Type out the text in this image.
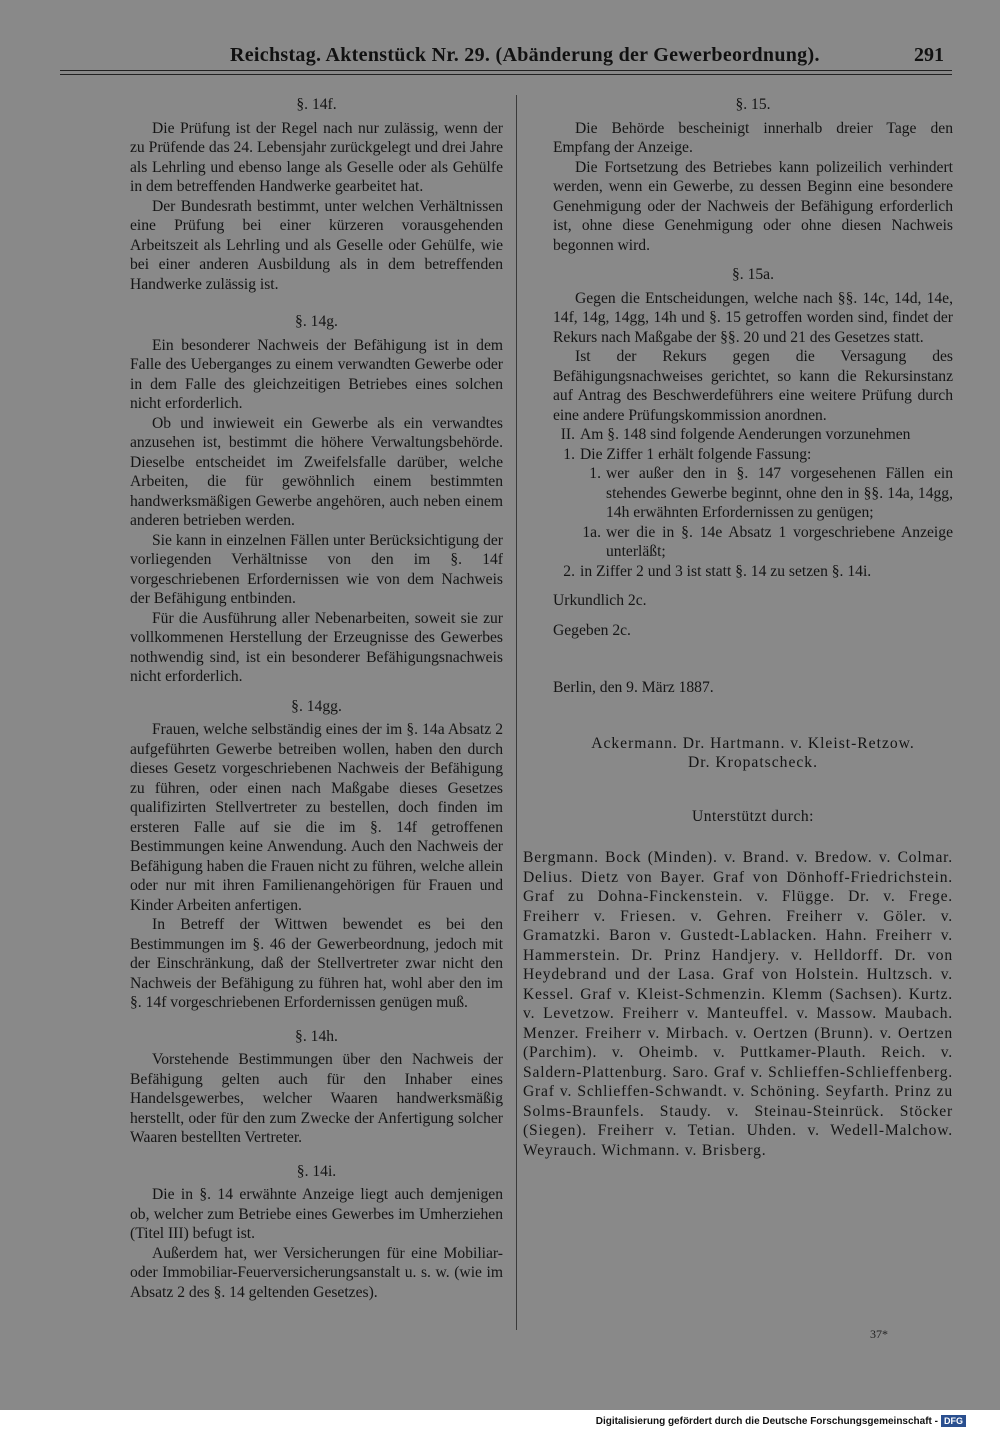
Reichstag. Aktenstück Nr. 29. (Abänderung der Gewerbeordnung).	291
§. 14f.

Die Prüfung ist der Regel nach nur zulässig, wenn der zu Prüfende das 24. Lebensjahr zurückgelegt und drei Jahre als Lehrling und ebenso lange als Geselle oder als Gehülfe in dem betreffenden Handwerke gearbeitet hat.

Der Bundesrath bestimmt, unter welchen Verhältnissen eine Prüfung bei einer kürzeren vorausgehenden Arbeitszeit als Lehrling und als Geselle oder Gehülfe, wie bei einer anderen Ausbildung als in dem betreffenden Handwerke zulässig ist.

§. 14g.

Ein besonderer Nachweis der Befähigung ist in dem Falle des Ueberganges zu einem verwandten Gewerbe oder in dem Falle des gleichzeitigen Betriebes eines solchen nicht erforderlich.

Ob und inwieweit ein Gewerbe als ein verwandtes anzusehen ist, bestimmt die höhere Verwaltungsbehörde. Dieselbe entscheidet im Zweifelsfalle darüber, welche Arbeiten, die für gewöhnlich einem bestimmten handwerksmäßigen Gewerbe angehören, auch neben einem anderen betrieben werden.

Sie kann in einzelnen Fällen unter Berücksichtigung der vorliegenden Verhältnisse von den im §. 14f vorgeschriebenen Erfordernissen wie von dem Nachweis der Befähigung entbinden.

Für die Ausführung aller Nebenarbeiten, soweit sie zur vollkommenen Herstellung der Erzeugnisse des Gewerbes nothwendig sind, ist ein besonderer Befähigungsnachweis nicht erforderlich.

§. 14gg.

Frauen, welche selbständig eines der im §. 14a Absatz 2 aufgeführten Gewerbe betreiben wollen, haben den durch dieses Gesetz vorgeschriebenen Nachweis der Befähigung zu führen, oder einen nach Maßgabe dieses Gesetzes qualifizirten Stellvertreter zu bestellen, doch finden im ersteren Falle auf sie die im §. 14f getroffenen Bestimmungen keine Anwendung. Auch den Nachweis der Befähigung haben die Frauen nicht zu führen, welche allein oder nur mit ihren Familienangehörigen für Frauen und Kinder Arbeiten anfertigen.

In Betreff der Wittwen bewendet es bei den Bestimmungen im §. 46 der Gewerbeordnung, jedoch mit der Einschränkung, daß der Stellvertreter zwar nicht den Nachweis der Befähigung zu führen hat, wohl aber den im §. 14f vorgeschriebenen Erfordernissen genügen muß.

§. 14h.

Vorstehende Bestimmungen über den Nachweis der Befähigung gelten auch für den Inhaber eines Handelsgewerbes, welcher Waaren handwerksmäßig herstellt, oder für den zum Zwecke der Anfertigung solcher Waaren bestellten Vertreter.

§. 14i.

Die in §. 14 erwähnte Anzeige liegt auch demjenigen ob, welcher zum Betriebe eines Gewerbes im Umherziehen (Titel III) befugt ist.

Außerdem hat, wer Versicherungen für eine Mobiliar- oder Immobiliar-Feuerversicherungsanstalt u. s. w. (wie im Absatz 2 des §. 14 geltenden Gesetzes).

§. 15.

Die Behörde bescheinigt innerhalb dreier Tage den Empfang der Anzeige.

Die Fortsetzung des Betriebes kann polizeilich verhindert werden, wenn ein Gewerbe, zu dessen Beginn eine besondere Genehmigung oder der Nachweis der Befähigung erforderlich ist, ohne diese Genehmigung oder ohne diesen Nachweis begonnen wird.

§. 15a.

Gegen die Entscheidungen, welche nach §§. 14c, 14d, 14e, 14f, 14g, 14gg, 14h und §. 15 getroffen worden sind, findet der Rekurs nach Maßgabe der §§. 20 und 21 des Gesetzes statt.

Ist der Rekurs gegen die Versagung des Befähigungsnachweises gerichtet, so kann die Rekursinstanz auf Antrag des Beschwerdeführers eine weitere Prüfung durch eine andere Prüfungskommission anordnen.

II. Am §. 148 sind folgende Aenderungen vorzunehmen
1. Die Ziffer 1 erhält folgende Fassung:
1. wer außer den in §. 147 vorgesehenen Fällen ein stehendes Gewerbe beginnt, ohne den in §§. 14a, 14gg, 14h erwähnten Erfordernissen zu genügen;
1a. wer die in §. 14e Absatz 1 vorgeschriebene Anzeige unterläßt;
2. in Ziffer 2 und 3 ist statt §. 14 zu setzen §. 14i.
Urkundlich 2c.
Gegeben 2c.
Berlin, den 9. März 1887.
Ackermann. Dr. Hartmann. v. Kleist-Retzow.
Dr. Kropatscheck.
Unterstützt durch:
Bergmann. Bock (Minden). v. Brand. v. Bredow. v. Colmar. Delius. Dietz von Bayer. Graf von Dönhoff-Friedrichstein. Graf zu Dohna-Finckenstein. v. Flügge. Dr. v. Frege. Freiherr v. Friesen. v. Gehren. Freiherr v. Göler. v. Gramatzki. Baron v. Gustedt-Lablacken. Hahn. Freiherr v. Hammerstein. Dr. Prinz Handjery. v. Helldorff. Dr. von Heydebrand und der Lasa. Graf von Holstein. Hultzsch. v. Kessel. Graf v. Kleist-Schmenzin. Klemm (Sachsen). Kurtz. v. Levetzow. Freiherr v. Manteuffel. v. Massow. Maubach. Menzer. Freiherr v. Mirbach. v. Oertzen (Brunn). v. Oertzen (Parchim). v. Oheimb. v. Puttkamer-Plauth. Reich. v. Saldern-Plattenburg. Saro. Graf v. Schlieffen-Schlieffenberg. Graf v. Schlieffen-Schwandt. v. Schöning. Seyfarth. Prinz zu Solms-Braunfels. Staudy. v. Steinau-Steinrück. Stöcker (Siegen). Freiherr v. Tetian. Uhden. v. Wedell-Malchow. Weyrauch. Wichmann. v. Brisberg.
37*
Digitalisierung gefördert durch die Deutsche Forschungsgemeinschaft - DFG
